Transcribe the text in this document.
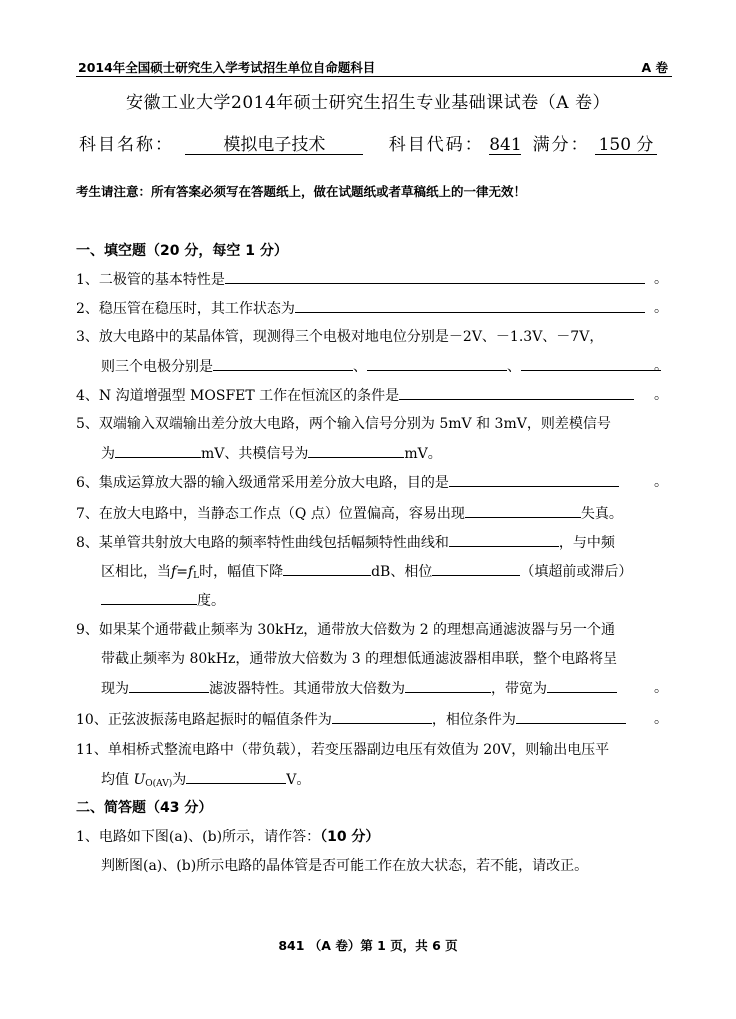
2014年全国硕士研究生入学考试招生单位自命题科目	A 卷
安徽工业大学2014年硕士研究生招生专业基础课试卷（A 卷）
科目名称：	模拟电子技术	科目代码： 841 满分： 150 分
考生请注意：所有答案必须写在答题纸上，做在试题纸或者草稿纸上的一律无效！
一、填空题（20 分，每空 1 分）
1、二极管的基本特性是	。
2、稳压管在稳压时，其工作状态为	。
3、放大电路中的某晶体管，现测得三个电极对地电位分别是－2V、－1.3V、－7V，
则三个电极分别是	、	、	。
4、N 沟道增强型 MOSFET 工作在恒流区的条件是	。
5、双端输入双端输出差分放大电路，两个输入信号分别为 5mV 和 3mV，则差模信号
为	mV、共模信号为	mV。
6、集成运算放大器的输入级通常采用差分放大电路，目的是	。
7、在放大电路中，当静态工作点（Q 点）位置偏高，容易出现	失真。
8、某单管共射放大电路的频率特性曲线包括幅频特性曲线和	，与中频
区相比，当$f=f_L$时，幅值下降	dB、相位	（填超前或滞后）
度。
9、如果某个通带截止频率为 30kHz，通带放大倍数为 2 的理想高通滤波器与另一个通
带截止频率为 80kHz，通带放大倍数为 3 的理想低通滤波器相串联，整个电路将呈
现为	滤波器特性。其通带放大倍数为	，带宽为	。
10、正弦波振荡电路起振时的幅值条件为	，相位条件为	。
11、单相桥式整流电路中（带负载），若变压器副边电压有效值为 20V，则输出电压平
均值 $U_{O(AV)}$为	V。
二、简答题（43 分）
1、电路如下图(a)、(b)所示，请作答：（10 分）
判断图(a)、(b)所示电路的晶体管是否可能工作在放大状态，若不能，请改正。
841 （A 卷）第 1 页，共 6 页
